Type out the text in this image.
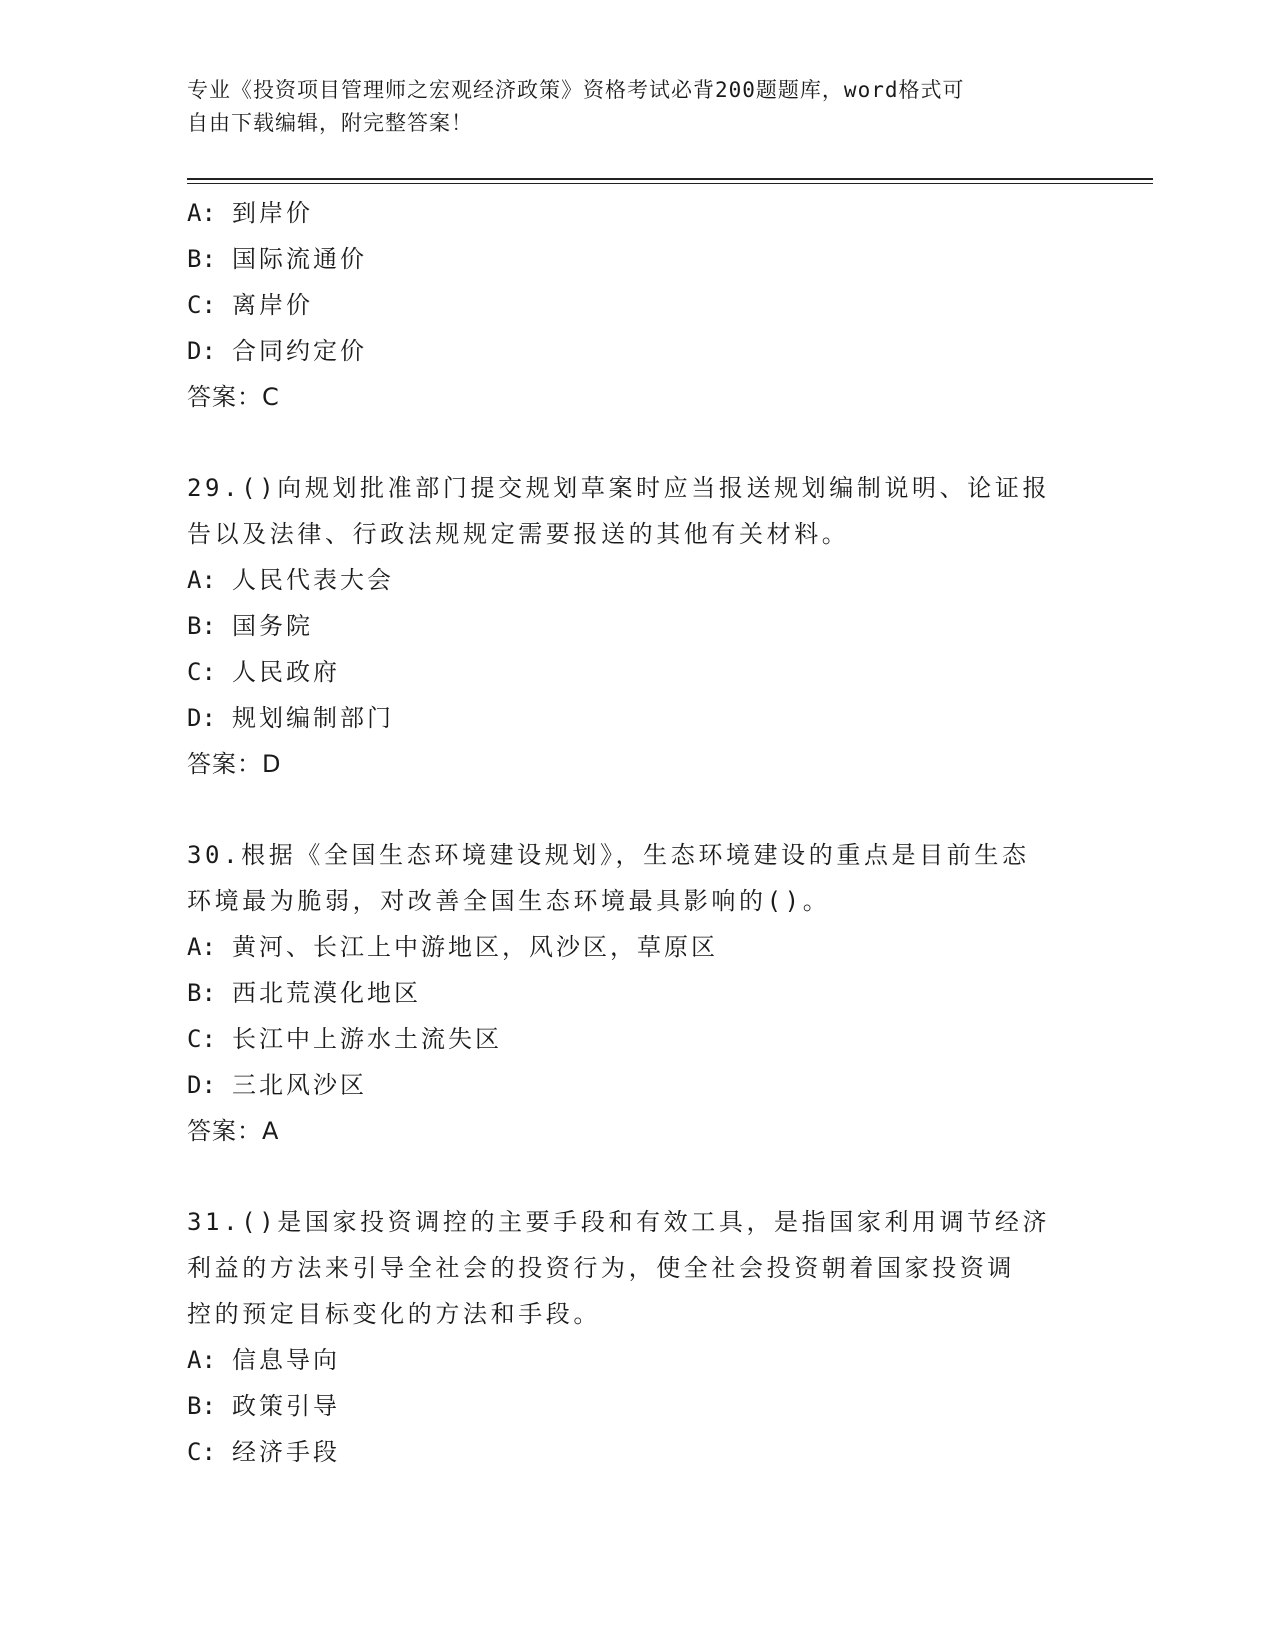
专业《投资项目管理师之宏观经济政策》资格考试必背200题题库，word格式可
自由下载编辑，附完整答案！
A: 到岸价
B: 国际流通价
C: 离岸价
D: 合同约定价
答案：C
29.()向规划批准部门提交规划草案时应当报送规划编制说明、论证报
告以及法律、行政法规规定需要报送的其他有关材料。
A: 人民代表大会
B: 国务院
C: 人民政府
D: 规划编制部门
答案：D
30.根据《全国生态环境建设规划》，生态环境建设的重点是目前生态
环境最为脆弱，对改善全国生态环境最具影响的()。
A: 黄河、长江上中游地区，风沙区，草原区
B: 西北荒漠化地区
C: 长江中上游水土流失区
D: 三北风沙区
答案：A
31.()是国家投资调控的主要手段和有效工具，是指国家利用调节经济
利益的方法来引导全社会的投资行为，使全社会投资朝着国家投资调
控的预定目标变化的方法和手段。
A: 信息导向
B: 政策引导
C: 经济手段
